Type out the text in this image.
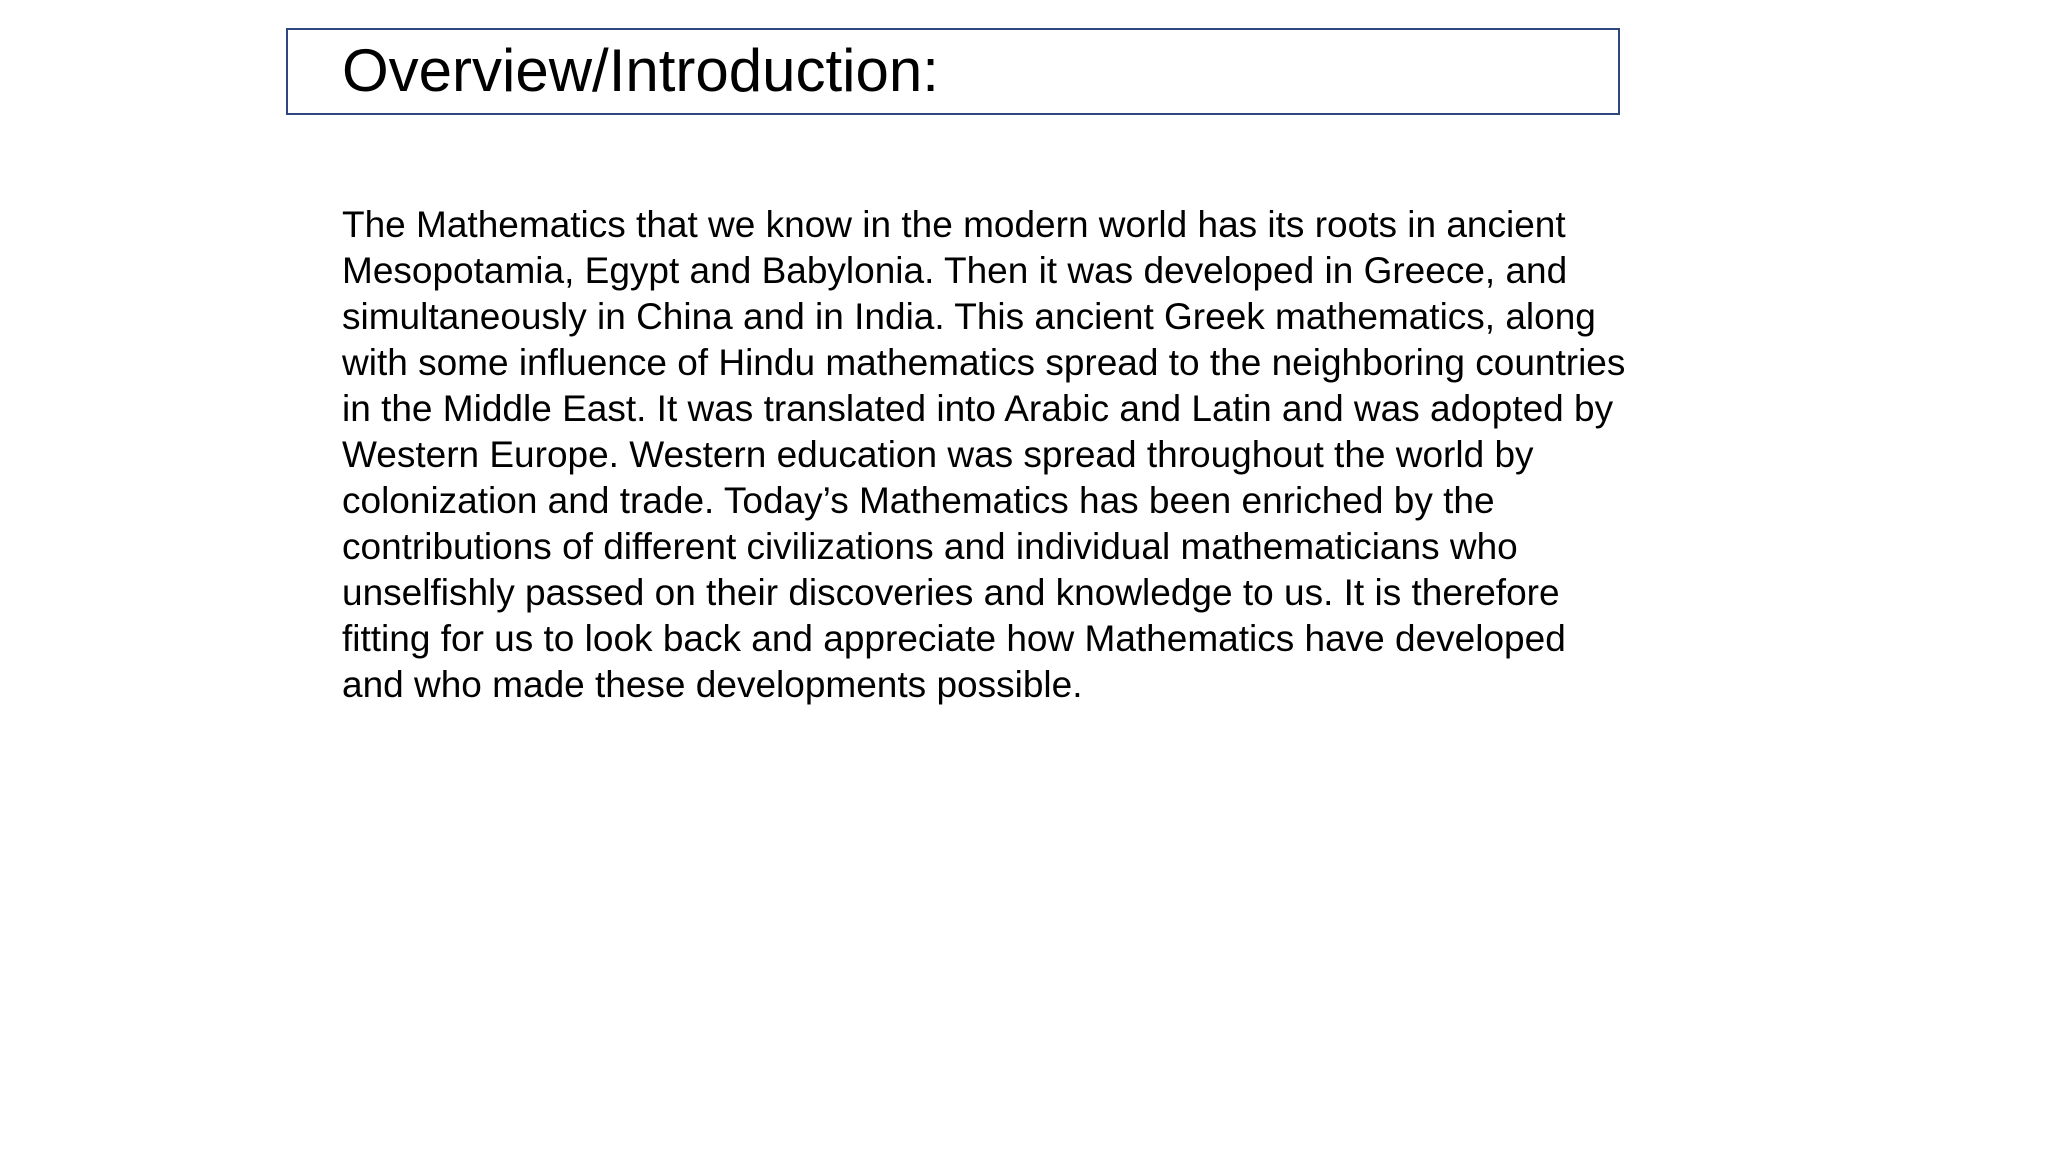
Overview/Introduction:

The Mathematics that we know in the modern world has its roots in ancient
Mesopotamia, Egypt and Babylonia. Then it was developed in Greece, and
simultaneously in China and in India. This ancient Greek mathematics, along
with some influence of Hindu mathematics spread to the neighboring countries
in the Middle East. It was translated into Arabic and Latin and was adopted by
Western Europe. Western education was spread throughout the world by
colonization and trade. Today’s Mathematics has been enriched by the
contributions of different civilizations and individual mathematicians who
unselfishly passed on their discoveries and knowledge to us. It is therefore
fitting for us to look back and appreciate how Mathematics have developed
and who made these developments possible.
